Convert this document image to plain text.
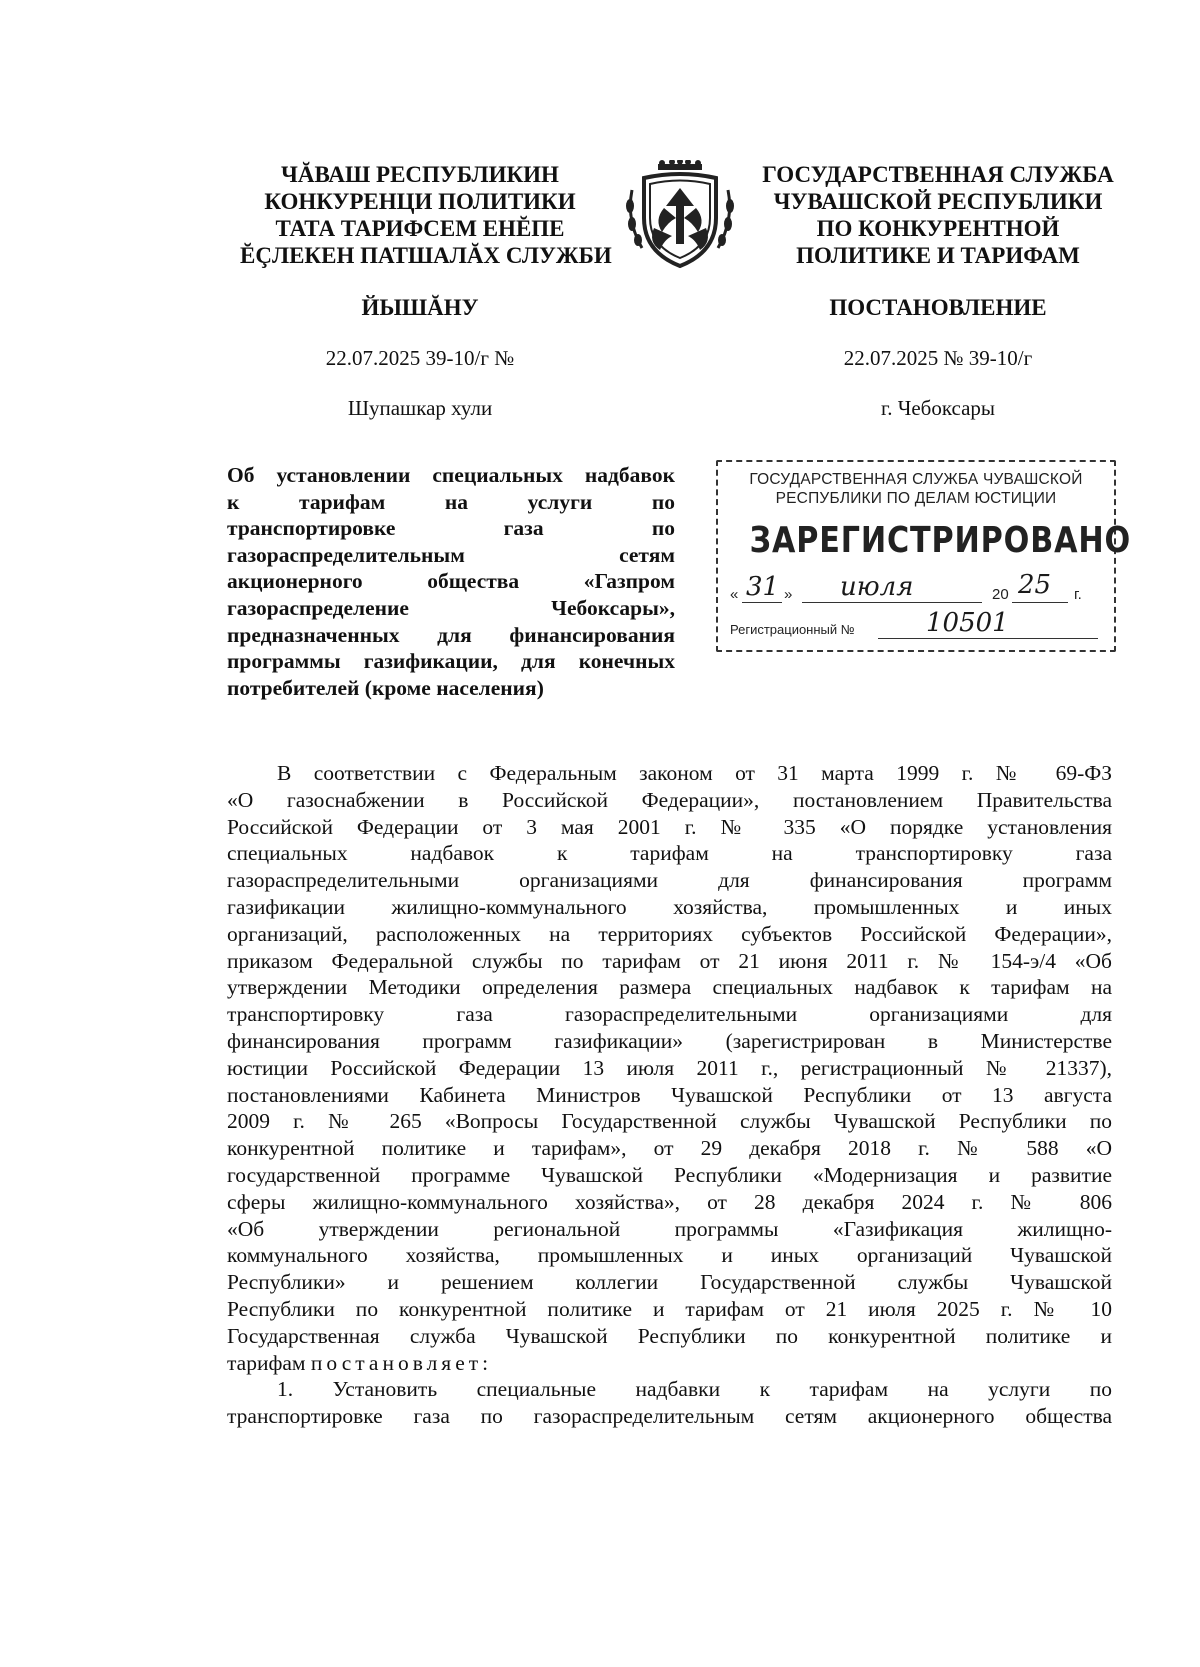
ЧĂВАШ РЕСПУБЛИКИН
КОНКУРЕНЦИ ПОЛИТИКИ
ТАТА ТАРИФСЕМ ЕНĔПЕ
ĔÇЛЕКЕН ПАТШАЛĂХ СЛУЖБИ
ГОСУДАРСТВЕННАЯ СЛУЖБА
ЧУВАШСКОЙ РЕСПУБЛИКИ
ПО КОНКУРЕНТНОЙ
ПОЛИТИКЕ И ТАРИФАМ
ЙЫШĂНУ	ПОСТАНОВЛЕНИЕ
22.07.2025 39-10/г №	22.07.2025 № 39-10/г
Шупашкар хули	г. Чебоксары
Об установлении специальных надбавок
к тарифам на услуги по
транспортировке газа по
газораспределительным сетям
акционерного общества «Газпром
газораспределение Чебоксары»,
предназначенных для финансирования
программы газификации, для конечных
потребителей (кроме населения)
ГОСУДАРСТВЕННАЯ СЛУЖБА ЧУВАШСКОЙ
РЕСПУБЛИКИ ПО ДЕЛАМ ЮСТИЦИИ
ЗАРЕГИСТРИРОВАНО
« 31 » июля	20 25 г.
Регистрационный №	10501
В соответствии с Федеральным законом от 31 марта 1999 г. № 69-ФЗ
«О газоснабжении в Российской Федерации», постановлением Правительства
Российской Федерации от 3 мая 2001 г. № 335 «О порядке установления
специальных надбавок к тарифам на транспортировку газа
газораспределительными организациями для финансирования программ
газификации жилищно-коммунального хозяйства, промышленных и иных
организаций, расположенных на территориях субъектов Российской Федерации»,
приказом Федеральной службы по тарифам от 21 июня 2011 г. № 154-э/4 «Об
утверждении Методики определения размера специальных надбавок к тарифам на
транспортировку газа газораспределительными организациями для
финансирования программ газификации» (зарегистрирован в Министерстве
юстиции Российской Федерации 13 июля 2011 г., регистрационный № 21337),
постановлениями Кабинета Министров Чувашской Республики от 13 августа
2009 г. № 265 «Вопросы Государственной службы Чувашской Республики по
конкурентной политике и тарифам», от 29 декабря 2018 г. № 588 «О
государственной программе Чувашской Республики «Модернизация и развитие
сферы жилищно-коммунального хозяйства», от 28 декабря 2024 г. № 806
«Об утверждении региональной программы «Газификация жилищно-
коммунального хозяйства, промышленных и иных организаций Чувашской
Республики» и решением коллегии Государственной службы Чувашской
Республики по конкурентной политике и тарифам от 21 июля 2025 г. № 10
Государственная служба Чувашской Республики по конкурентной политике и
тарифам постановляет:
1. Установить специальные надбавки к тарифам на услуги по
транспортировке газа по газораспределительным сетям акционерного общества
